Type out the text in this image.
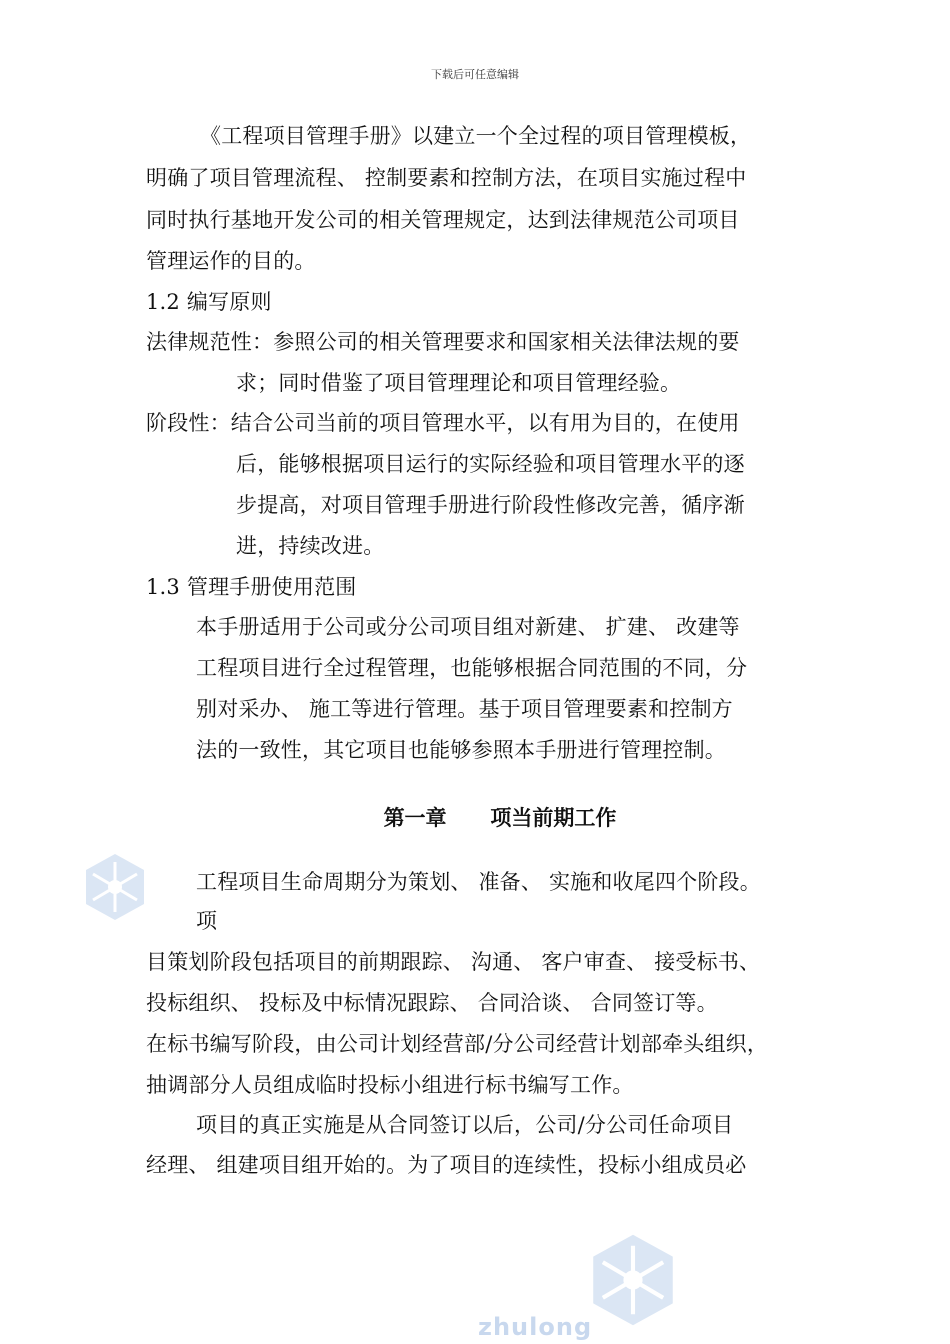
下载后可任意编辑
《工程项目管理手册》以建立一个全过程的项目管理模板，
明确了项目管理流程、 控制要素和控制方法，在项目实施过程中
同时执行基地开发公司的相关管理规定，达到法律规范公司项目
管理运作的目的。
1.2 编写原则
法律规范性：参照公司的相关管理要求和国家相关法律法规的要
求；同时借鉴了项目管理理论和项目管理经验。
阶段性：结合公司当前的项目管理水平，以有用为目的，在使用
后，能够根据项目运行的实际经验和项目管理水平的逐
步提高，对项目管理手册进行阶段性修改完善，循序渐
进，持续改进。
1.3 管理手册使用范围
本手册适用于公司或分公司项目组对新建、 扩建、 改建等
工程项目进行全过程管理，也能够根据合同范围的不同，分
别对采办、 施工等进行管理。基于项目管理要素和控制方
法的一致性，其它项目也能够参照本手册进行管理控制。
第一章      项当前期工作
工程项目生命周期分为策划、 准备、 实施和收尾四个阶段。
项
目策划阶段包括项目的前期跟踪、 沟通、 客户审查、 接受标书、
投标组织、 投标及中标情况跟踪、 合同洽谈、 合同签订等。
在标书编写阶段，由公司计划经营部/分公司经营计划部牵头组织，
抽调部分人员组成临时投标小组进行标书编写工作。
项目的真正实施是从合同签订以后，公司/分公司任命项目
经理、 组建项目组开始的。为了项目的连续性，投标小组成员必
zhulong
